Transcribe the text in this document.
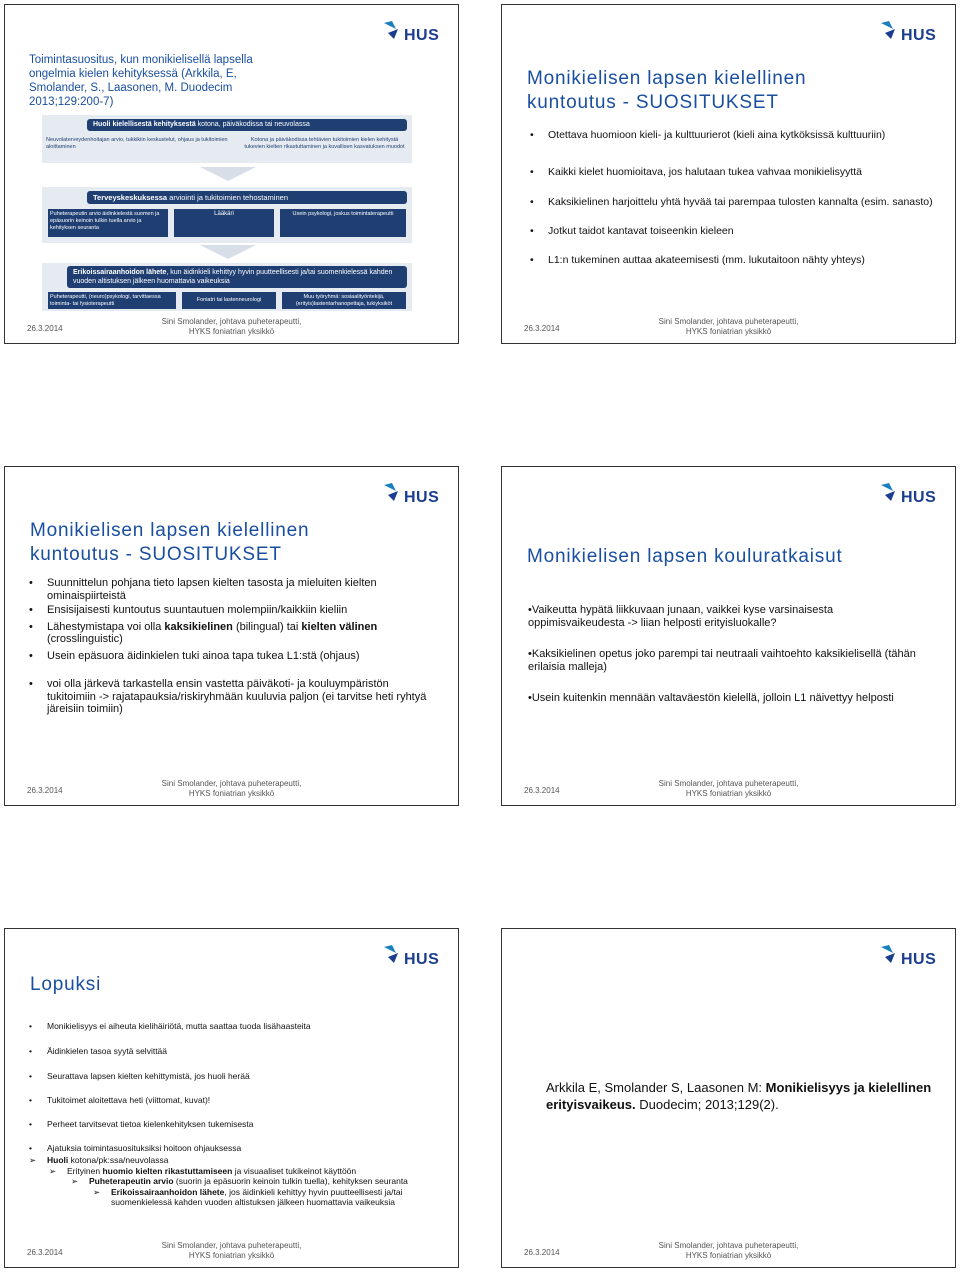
HUS
Toimintasuositus, kun monikielisellä lapsella ongelmia kielen kehityksessä (Arkkila, E, Smolander, S., Laasonen, M. Duodecim 2013;129:200-7)
Huoli kielellisestä kehityksestä kotona, päiväkodissa tai neuvolassa
Neuvolaterveydenhoitajan arvio, tukkikiin keskustelut, ohjaus ja tukitoimien aloittaminen
Kotona ja päiväkodissa tehtävien tukitoimien kielen kehitystä tukevien kielten rikastuttaminen ja kuvallisen kasvatuksen muodot
Terveyskeskuksessa arviointi ja tukitoimien tehostaminen
Puheterapeutin arvio äidinkielestä suomen ja epäsuorin keinoin tulkin tuella arvio ja kehityksen seuranta
Lääkäri	Usein psykologi, joskus toimintaterapeutti
Erikoissairaanhoidon lähete, kun äidinkieli kehittyy hyvin puutteellisesti ja/tai suomenkielessä kahden vuoden altistuksen jälkeen huomattavia vaikeuksia
Puheterapeutti, (neuro)psykologi, tarvittaessa toiminta- tai fysioterapeutti
Foniatri tai lastenneurologi	Muu työryhmä: sosiaalityöntekijä, (erityis)lastentarhanopettaja, tukiyksiköt
26.3.2014
Sini Smolander, johtava puheterapeutti,
HYKS foniatrian yksikkö
HUS
Monikielisen lapsen kielellinen
kuntoutus - SUOSITUKSET
• Otettava huomioon kieli- ja kulttuurierot (kieli aina kytköksissä kulttuuriin)
• Kaikki kielet huomioitava, jos halutaan tukea vahvaa monikielisyyttä
• Kaksikielinen harjoittelu yhtä hyvää tai parempaa tulosten kannalta (esim. sanasto)
• Jotkut taidot kantavat toiseenkin kieleen
• L1:n tukeminen auttaa akateemisesti (mm. lukutaitoon nähty yhteys)
26.3.2014
Sini Smolander, johtava puheterapeutti,
HYKS foniatrian yksikkö
HUS
Monikielisen lapsen kielellinen
kuntoutus - SUOSITUKSET
• Suunnittelun pohjana tieto lapsen kielten tasosta ja mieluiten kielten ominaispiirteistä
• Ensisijaisesti kuntoutus suuntautuen molempiin/kaikkiin kieliin
• Lähestymistapa voi olla kaksikielinen (bilingual) tai kielten välinen (crosslinguistic)
• Usein epäsuora äidinkielen tuki ainoa tapa tukea L1:stä (ohjaus)
• voi olla järkevä tarkastella ensin vastetta päiväkoti- ja kouluympäristön tukitoimiin -> rajatapauksia/riskiryhmään kuuluvia paljon (ei tarvitse heti ryhtyä järeisiin toimiin)
26.3.2014
Sini Smolander, johtava puheterapeutti,
HYKS foniatrian yksikkö
HUS
Monikielisen lapsen kouluratkaisut

•Vaikeutta hypätä liikkuvaan junaan, vaikkei kyse varsinaisesta oppimisvaikeudesta -> liian helposti erityisluokalle?

•Kaksikielinen opetus joko parempi tai neutraali vaihtoehto kaksikielisellä (tähän erilaisia malleja)

•Usein kuitenkin mennään valtaväestön kielellä, jolloin L1 näivettyy helposti

26.3.2014
Sini Smolander, johtava puheterapeutti,
HYKS foniatrian yksikkö
HUS
Lopuksi
• Monikielisyys ei aiheuta kielihäiriötä, mutta saattaa tuoda lisähaasteita
• Äidinkielen tasoa syytä selvittää
• Seurattava lapsen kielten kehittymistä, jos huoli herää
• Tukitoimet aloitettava heti (viittomat, kuvat)!
• Perheet tarvitsevat tietoa kielenkehityksen tukemisesta
• Ajatuksia toimintasuosituksiksi hoitoon ohjauksessa
➢ Huoli kotona/pk:ssa/neuvolassa
➢ Erityinen huomio kielten rikastuttamiseen ja visuaaliset tukikeinot käyttöön
➢ Puheterapeutin arvio (suorin ja epäsuorin keinoin tulkin tuella), kehityksen seuranta
➢ Erikoissairaanhoidon lähete, jos äidinkieli kehittyy hyvin puutteellisesti ja/tai suomenkielessä kahden vuoden altistuksen jälkeen huomattavia vaikeuksia
26.3.2014
Sini Smolander, johtava puheterapeutti,
HYKS foniatrian yksikkö
HUS
Arkkila E, Smolander S, Laasonen M: Monikielisyys ja kielellinen erityisvaikeus. Duodecim; 2013;129(2).
26.3.2014
Sini Smolander, johtava puheterapeutti,
HYKS foniatrian yksikkö
